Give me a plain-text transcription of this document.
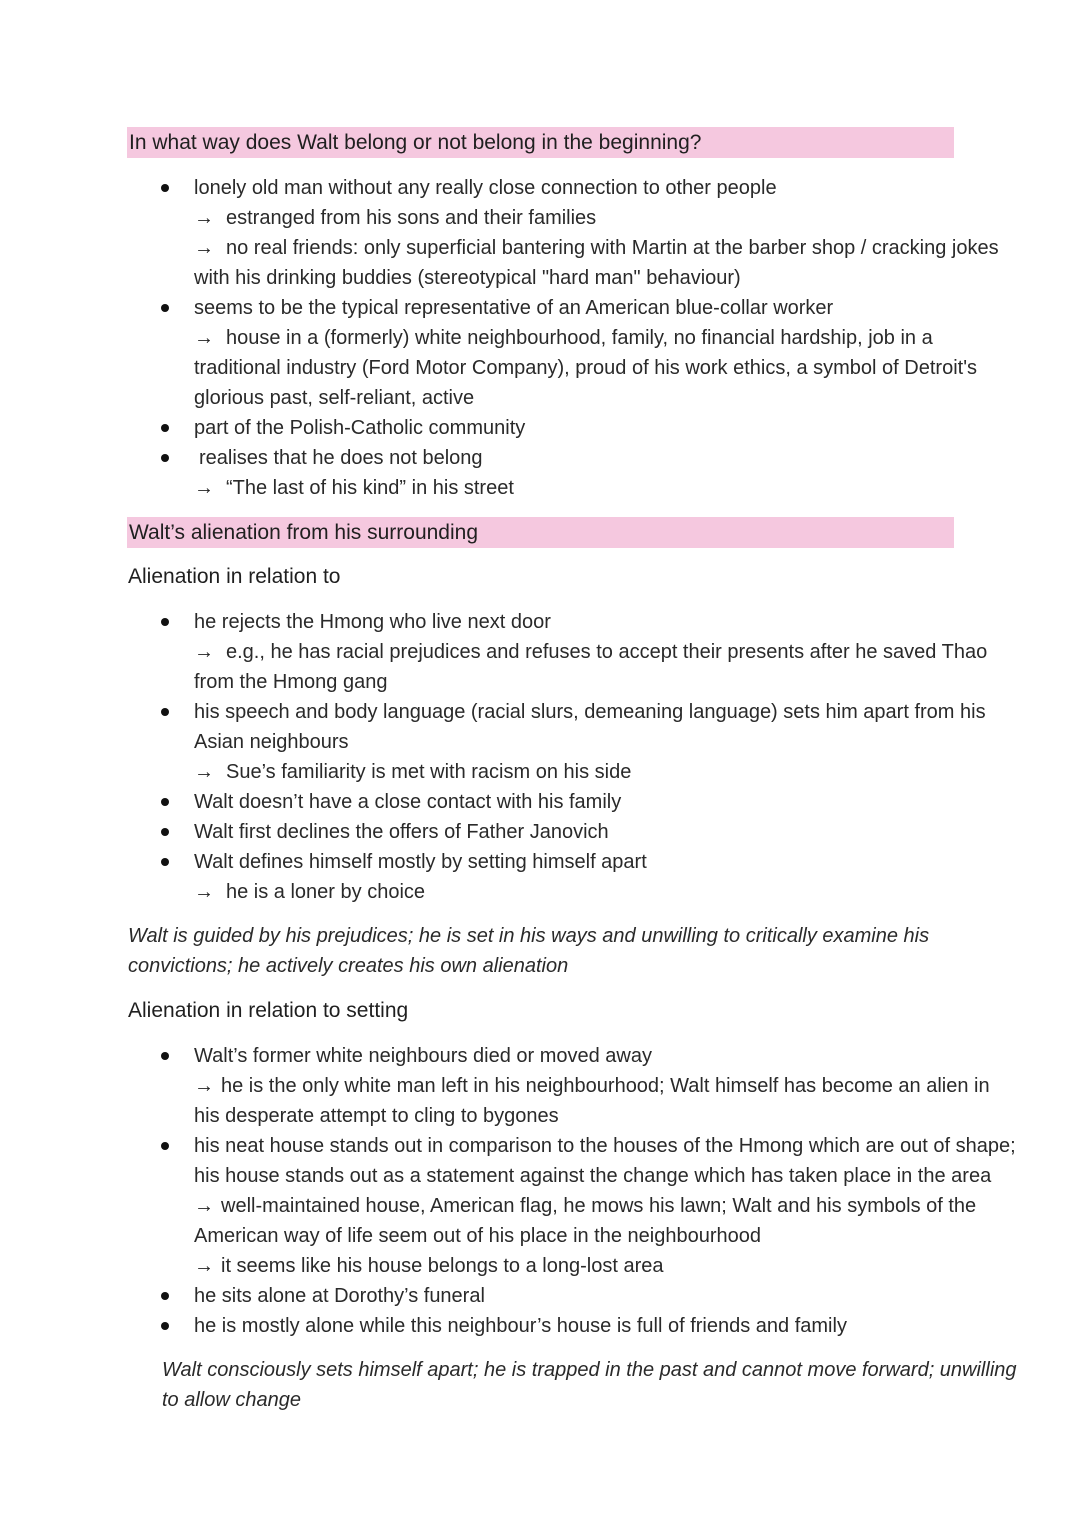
In what way does Walt belong or not belong in the beginning?
lonely old man without any really close connection to other people
→ estranged from his sons and their families
→ no real friends: only superficial bantering with Martin at the barber shop / cracking jokes
with his drinking buddies (stereotypical "hard man" behaviour)
seems to be the typical representative of an American blue-collar worker
→ house in a (formerly) white neighbourhood, family, no financial hardship, job in a
traditional industry (Ford Motor Company), proud of his work ethics, a symbol of Detroit's
glorious past, self-reliant, active
part of the Polish-Catholic community
realises that he does not belong
→ “The last of his kind” in his street
Walt’s alienation from his surrounding
Alienation in relation to
he rejects the Hmong who live next door
→ e.g., he has racial prejudices and refuses to accept their presents after he saved Thao
from the Hmong gang
his speech and body language (racial slurs, demeaning language) sets him apart from his
Asian neighbours
→ Sue’s familiarity is met with racism on his side
Walt doesn’t have a close contact with his family
Walt first declines the offers of Father Janovich
Walt defines himself mostly by setting himself apart
→ he is a loner by choice
Walt is guided by his prejudices; he is set in his ways and unwilling to critically examine his
convictions; he actively creates his own alienation
Alienation in relation to setting
Walt’s former white neighbours died or moved away
→ he is the only white man left in his neighbourhood; Walt himself has become an alien in
his desperate attempt to cling to bygones
his neat house stands out in comparison to the houses of the Hmong which are out of shape;
his house stands out as a statement against the change which has taken place in the area
→ well-maintained house, American flag, he mows his lawn; Walt and his symbols of the
American way of life seem out of his place in the neighbourhood
→ it seems like his house belongs to a long-lost area
he sits alone at Dorothy’s funeral
he is mostly alone while this neighbour’s house is full of friends and family
Walt consciously sets himself apart; he is trapped in the past and cannot move forward; unwilling
to allow change
